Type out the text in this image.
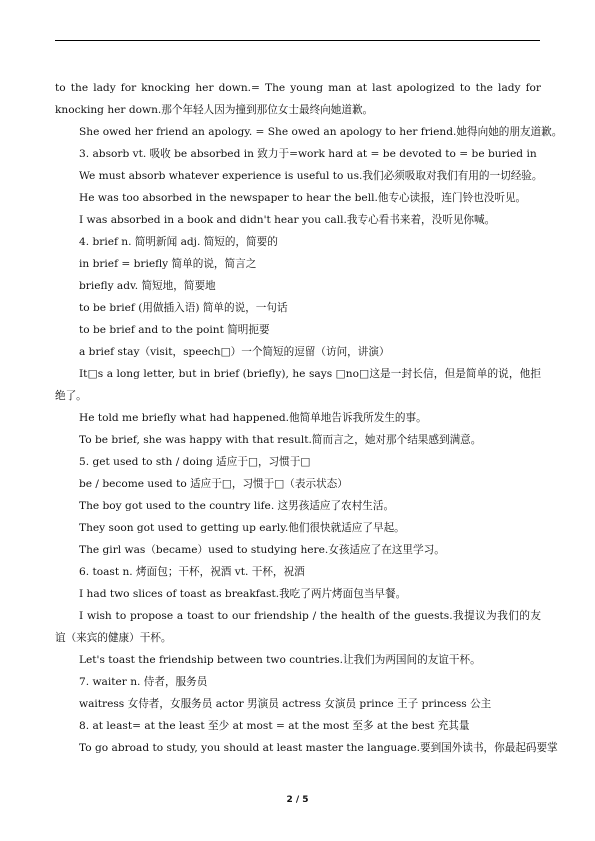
to the lady for knocking her down.= The young man at last apologized to the lady for knocking her down.那个年轻人因为撞到那位女士最终向她道歉。

She owed her friend an apology. = She owed an apology to her friend.她得向她的朋友道歉。

3. absorb vt. 吸收 be absorbed in 致力于=work hard at = be devoted to = be buried in

We must absorb whatever experience is useful to us.我们必须吸取对我们有用的一切经验。

He was too absorbed in the newspaper to hear the bell.他专心读报，连门铃也没听见。

I was absorbed in a book and didn't hear you call.我专心看书来着，没听见你喊。

4. brief n. 简明新闻 adj. 简短的，简要的

in brief = briefly 简单的说，简言之

briefly adv. 简短地，简要地

to be brief (用做插入语) 简单的说，一句话

to be brief and to the point 简明扼要

a brief stay（visit，speech□）一个简短的逗留（访问，讲演）

It□s a long letter, but in brief (briefly), he says □no□这是一封长信，但是简单的说，他拒绝了。

He told me briefly what had happened.他简单地告诉我所发生的事。

To be brief, she was happy with that result.简而言之，她对那个结果感到满意。

5. get used to sth / doing 适应于□，习惯于□

be / become used to 适应于□，习惯于□（表示状态）

The boy got used to the country life. 这男孩适应了农村生活。

They soon got used to getting up early.他们很快就适应了早起。

The girl was（became）used to studying here.女孩适应了在这里学习。

6. toast n. 烤面包；干杯，祝酒 vt. 干杯，祝酒

I had two slices of toast as breakfast.我吃了两片烤面包当早餐。

I wish to propose a toast to our friendship / the health of the guests.我提议为我们的友谊（来宾的健康）干杯。

Let's toast the friendship between two countries.让我们为两国间的友谊干杯。

7. waiter n. 侍者，服务员

waitress 女侍者，女服务员 actor 男演员 actress 女演员 prince 王子 princess 公主

8. at least= at the least 至少 at most = at the most 至多 at the best 充其量

To go abroad to study, you should at least master the language.要到国外读书，你最起码要掌

2 / 5
